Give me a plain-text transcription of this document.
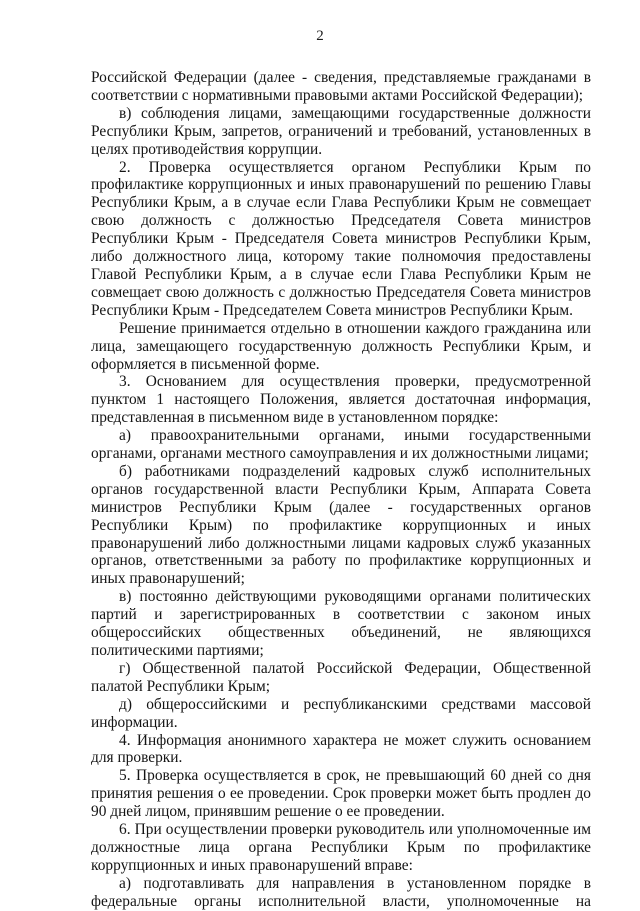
2

Российской Федерации (далее - сведения, представляемые гражданами в соответствии с нормативными правовыми актами Российской Федерации);

в) соблюдения лицами, замещающими государственные должности Республики Крым, запретов, ограничений и требований, установленных в целях противодействия коррупции.

2. Проверка осуществляется органом Республики Крым по профилактике коррупционных и иных правонарушений по решению Главы Республики Крым, а в случае если Глава Республики Крым не совмещает свою должность с должностью Председателя Совета министров Республики Крым - Председателя Совета министров Республики Крым, либо должностного лица, которому такие полномочия предоставлены Главой Республики Крым, а в случае если Глава Республики Крым не совмещает свою должность с должностью Председателя Совета министров Республики Крым - Председателем Совета министров Республики Крым.

Решение принимается отдельно в отношении каждого гражданина или лица, замещающего государственную должность Республики Крым, и оформляется в письменной форме.

3. Основанием для осуществления проверки, предусмотренной пунктом 1 настоящего Положения, является достаточная информация, представленная в письменном виде в установленном порядке:

а) правоохранительными органами, иными государственными органами, органами местного самоуправления и их должностными лицами;

б) работниками подразделений кадровых служб исполнительных органов государственной власти Республики Крым, Аппарата Совета министров Республики Крым (далее - государственных органов Республики Крым) по профилактике коррупционных и иных правонарушений либо должностными лицами кадровых служб указанных органов, ответственными за работу по профилактике коррупционных и иных правонарушений;

в) постоянно действующими руководящими органами политических партий и зарегистрированных в соответствии с законом иных общероссийских общественных объединений, не являющихся политическими партиями;

г) Общественной палатой Российской Федерации, Общественной палатой Республики Крым;

д) общероссийскими и республиканскими средствами массовой информации.

4. Информация анонимного характера не может служить основанием для проверки.

5. Проверка осуществляется в срок, не превышающий 60 дней со дня принятия решения о ее проведении. Срок проверки может быть продлен до 90 дней лицом, принявшим решение о ее проведении.

6. При осуществлении проверки руководитель или уполномоченные им должностные лица органа Республики Крым по профилактике коррупционных и иных правонарушений вправе:

а) подготавливать для направления в установленном порядке в федеральные органы исполнительной власти, уполномоченные на
